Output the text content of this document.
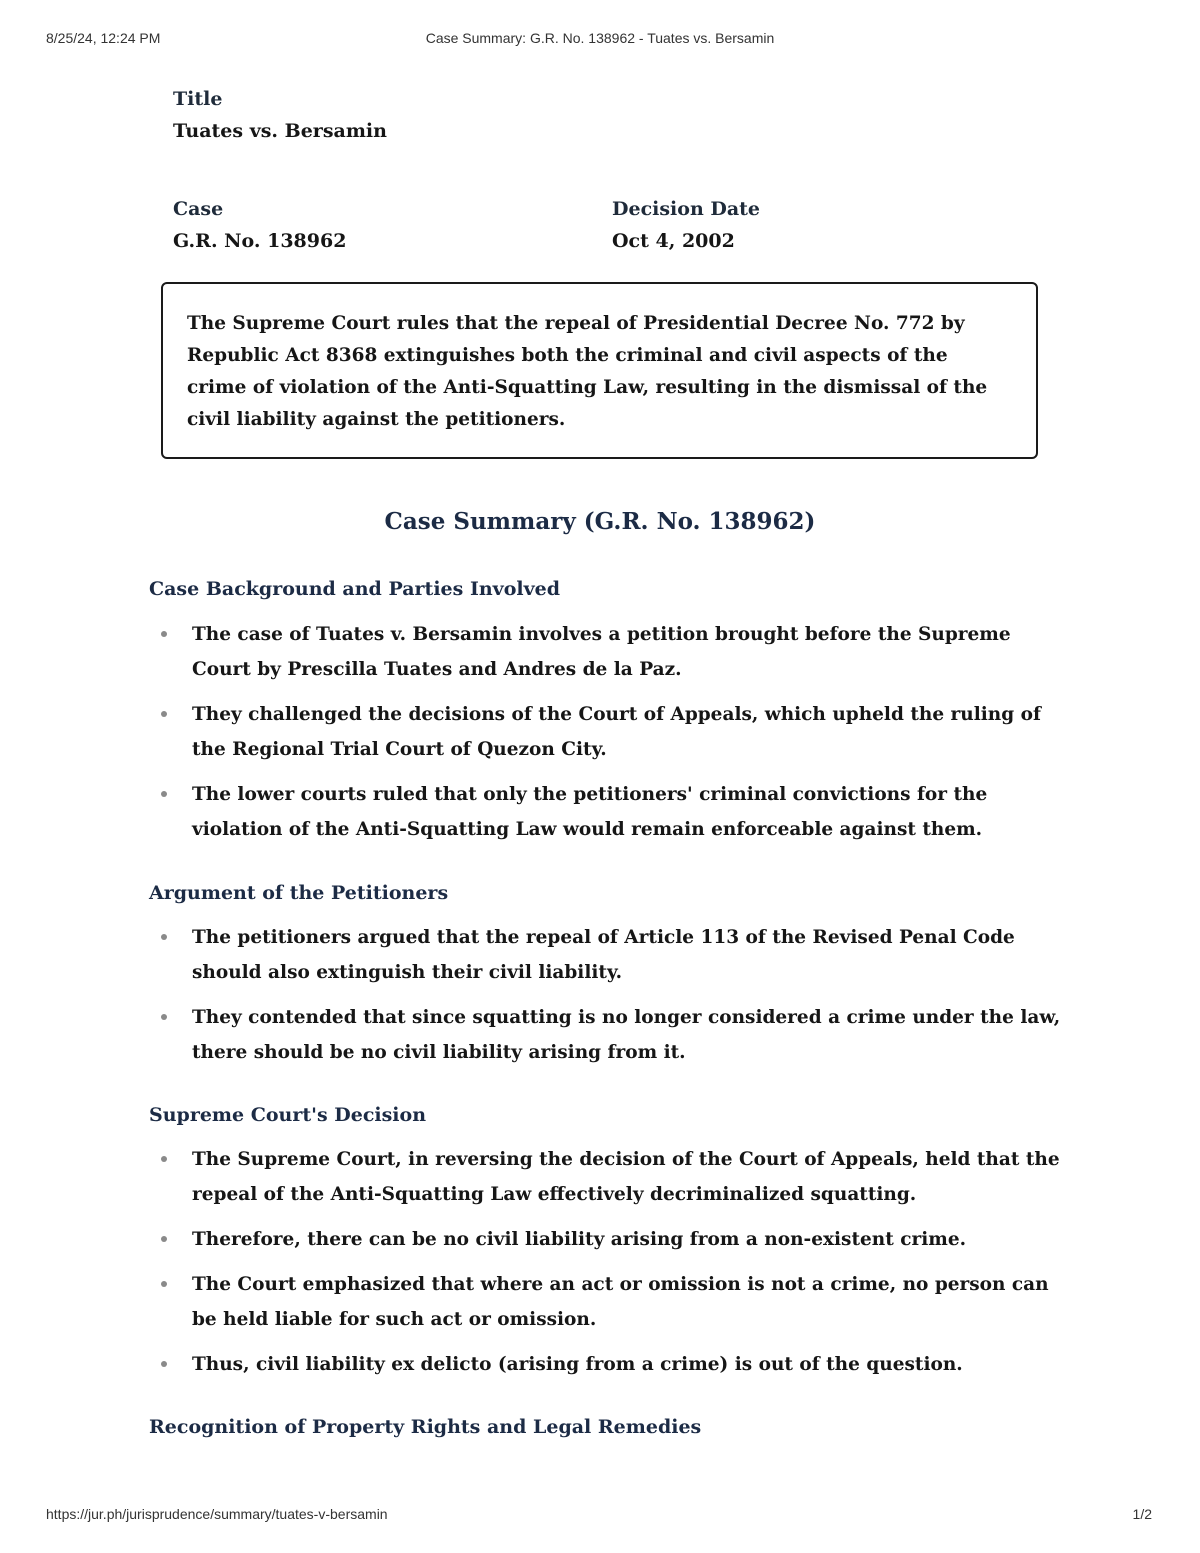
8/25/24, 12:24 PM	Case Summary: G.R. No. 138962 - Tuates vs. Bersamin
Title
Tuates vs. Bersamin
Case
G.R. No. 138962
Decision Date
Oct 4, 2002

The Supreme Court rules that the repeal of Presidential Decree No. 772 by Republic Act 8368 extinguishes both the criminal and civil aspects of the crime of violation of the Anti-Squatting Law, resulting in the dismissal of the civil liability against the petitioners.

Case Summary (G.R. No. 138962)
Case Background and Parties Involved
The case of Tuates v. Bersamin involves a petition brought before the Supreme Court by Prescilla Tuates and Andres de la Paz.
They challenged the decisions of the Court of Appeals, which upheld the ruling of the Regional Trial Court of Quezon City.
The lower courts ruled that only the petitioners' criminal convictions for the violation of the Anti-Squatting Law would remain enforceable against them.
Argument of the Petitioners
The petitioners argued that the repeal of Article 113 of the Revised Penal Code should also extinguish their civil liability.
They contended that since squatting is no longer considered a crime under the law, there should be no civil liability arising from it.
Supreme Court's Decision
The Supreme Court, in reversing the decision of the Court of Appeals, held that the repeal of the Anti-Squatting Law effectively decriminalized squatting.
Therefore, there can be no civil liability arising from a non-existent crime.
The Court emphasized that where an act or omission is not a crime, no person can be held liable for such act or omission.
Thus, civil liability ex delicto (arising from a crime) is out of the question.
Recognition of Property Rights and Legal Remedies
https://jur.ph/jurisprudence/summary/tuates-v-bersamin	1/2
